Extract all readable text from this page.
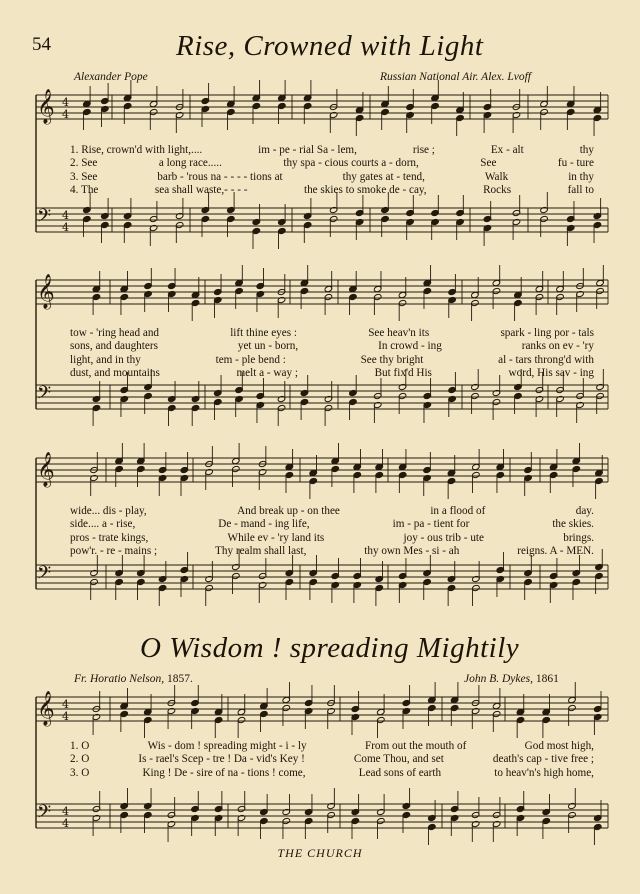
54	Rise, Crowned with Light
Alexander Pope	Russian National Air. Alex. Lvoff
𝄞
𝄢
4
4
4
4
𝄞
𝄢
𝄞
𝄢
𝄞
𝄢
4
4
4
4
1. Rise, crown'd with light,....	im - pe - rial Sa - lem,	rise ;	Ex - alt	thy
2. See	a long race.....	thy spa - cious courts a - dorn,	See	fu - ture
3. See	barb - 'rous na - - - - tions at	thy gates at - tend,	Walk	in thy
4. The	sea shall waste,- - - -	the skies to smoke de - cay,	Rocks	fall to
tow - 'ring head and	lift thine eyes :	See heav'n its	spark - ling por - tals
sons, and daughters	yet un - born,	In crowd - ing	ranks on ev - 'ry
light, and in thy	tem - ple bend :	See thy bright	al - tars throng'd with
dust, and mountains	melt a - way ;	But fix'd His	word, His sav - ing
wide... dis - play,	And break up - on thee	in a flood of	day.
side.... a - rise,	De - mand - ing life,	im - pa - tient for	the skies.
pros - trate kings,	While ev - 'ry land its	joy - ous trib - ute	brings.
pow'r. - re - mains ;	Thy realm shall last,	thy own Mes - si - ah	reigns. A - MEN.
O Wisdom ! spreading Mightily
Fr. Horatio Nelson, 1857.	John B. Dykes, 1861
1. O	Wis - dom ! spreading might - i - ly	From out the mouth of	God most high,
2. O	Is - rael's Scep - tre ! Da - vid's Key !	Come Thou, and set	death's cap - tive free ;
3. O	King ! De - sire of na - tions ! come,	Lead sons of earth	to heav'n's high home,
THE CHURCH
